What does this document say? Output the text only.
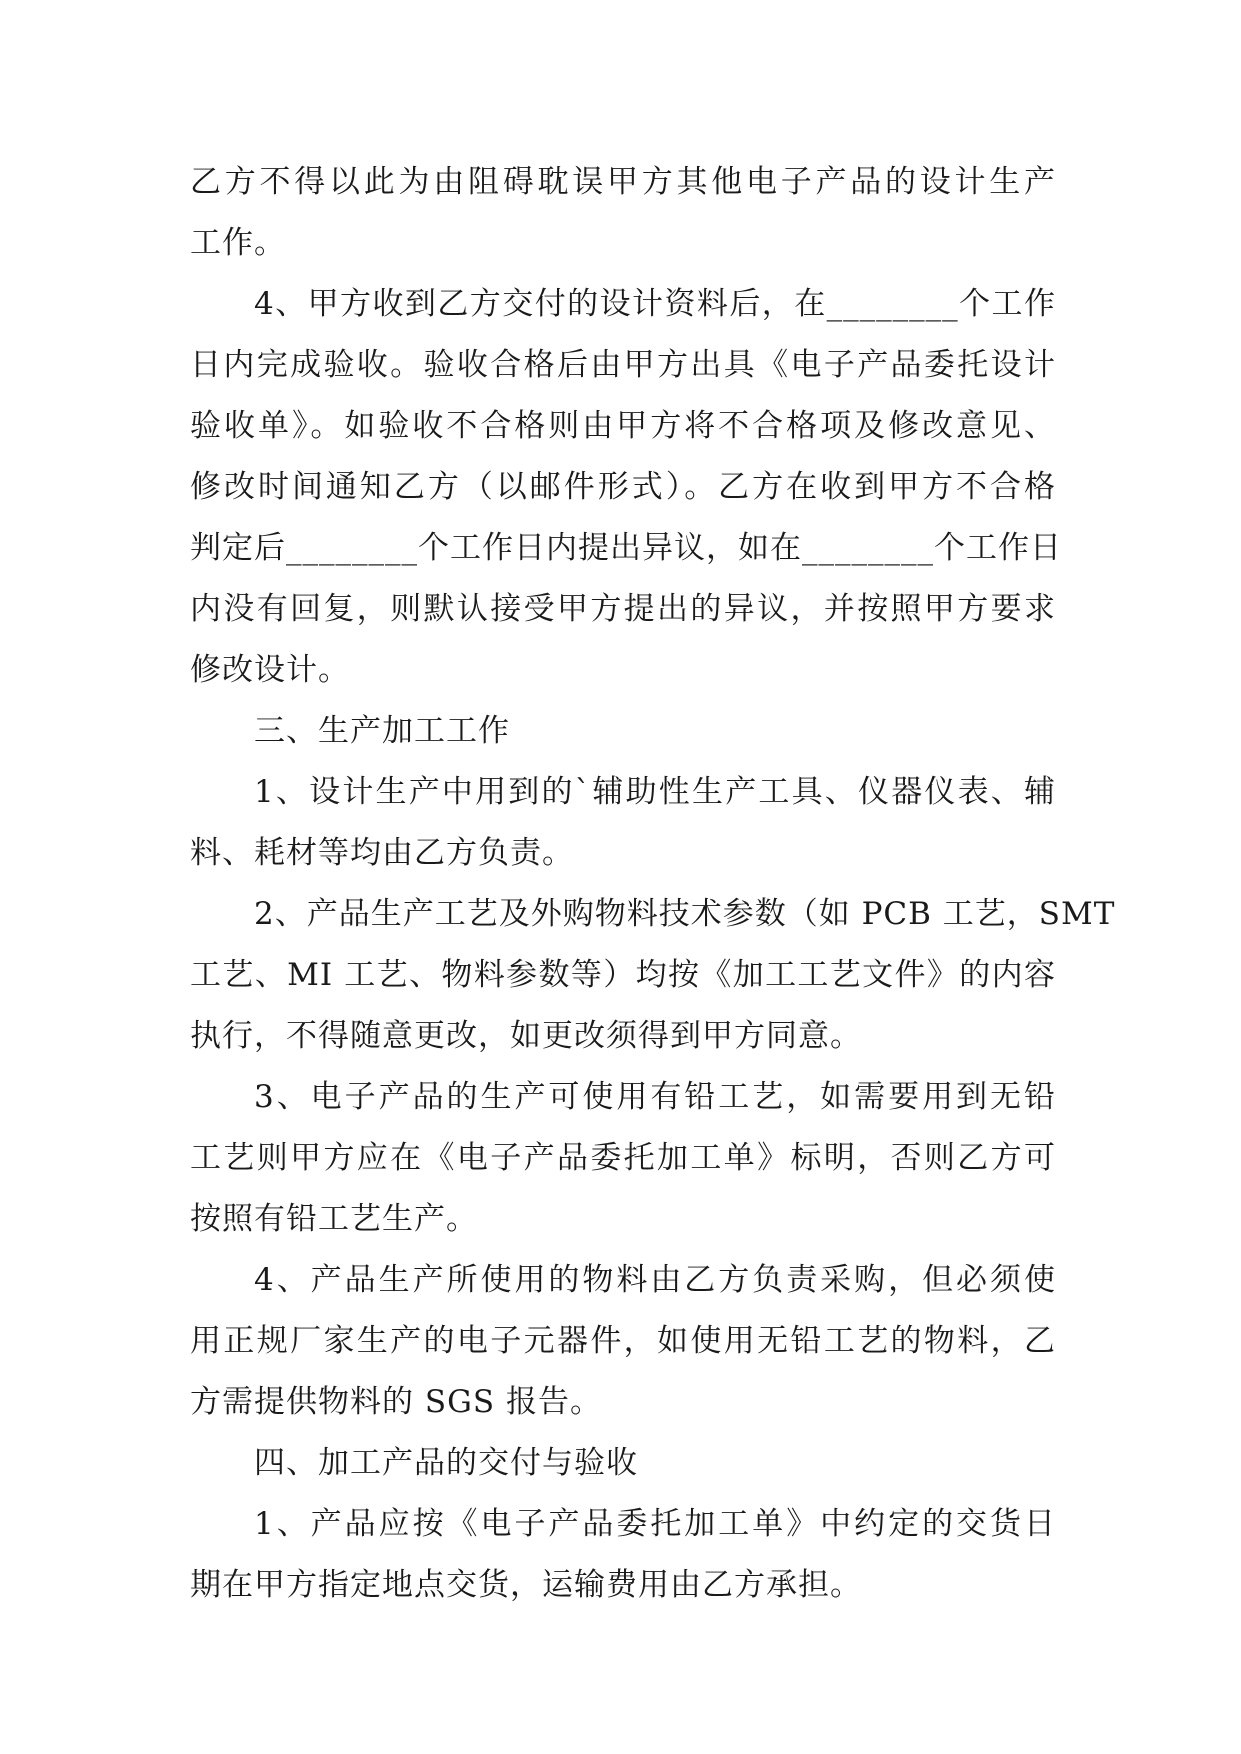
乙方不得以此为由阻碍耽误甲方其他电子产品的设计生产
工作。
4、甲方收到乙方交付的设计资料后，在________个工作
日内完成验收。验收合格后由甲方出具《电子产品委托设计
验收单》。如验收不合格则由甲方将不合格项及修改意见、
修改时间通知乙方（以邮件形式）。乙方在收到甲方不合格
判定后________个工作日内提出异议，如在________个工作日
内没有回复，则默认接受甲方提出的异议，并按照甲方要求
修改设计。
三、生产加工工作
1、设计生产中用到的`辅助性生产工具、仪器仪表、辅
料、耗材等均由乙方负责。
2、产品生产工艺及外购物料技术参数（如 PCB 工艺，SMT
工艺、MI 工艺、物料参数等）均按《加工工艺文件》的内容
执行，不得随意更改，如更改须得到甲方同意。
3、电子产品的生产可使用有铅工艺，如需要用到无铅
工艺则甲方应在《电子产品委托加工单》标明，否则乙方可
按照有铅工艺生产。
4、产品生产所使用的物料由乙方负责采购，但必须使
用正规厂家生产的电子元器件，如使用无铅工艺的物料，乙
方需提供物料的 SGS 报告。
四、加工产品的交付与验收
1、产品应按《电子产品委托加工单》中约定的交货日
期在甲方指定地点交货，运输费用由乙方承担。
